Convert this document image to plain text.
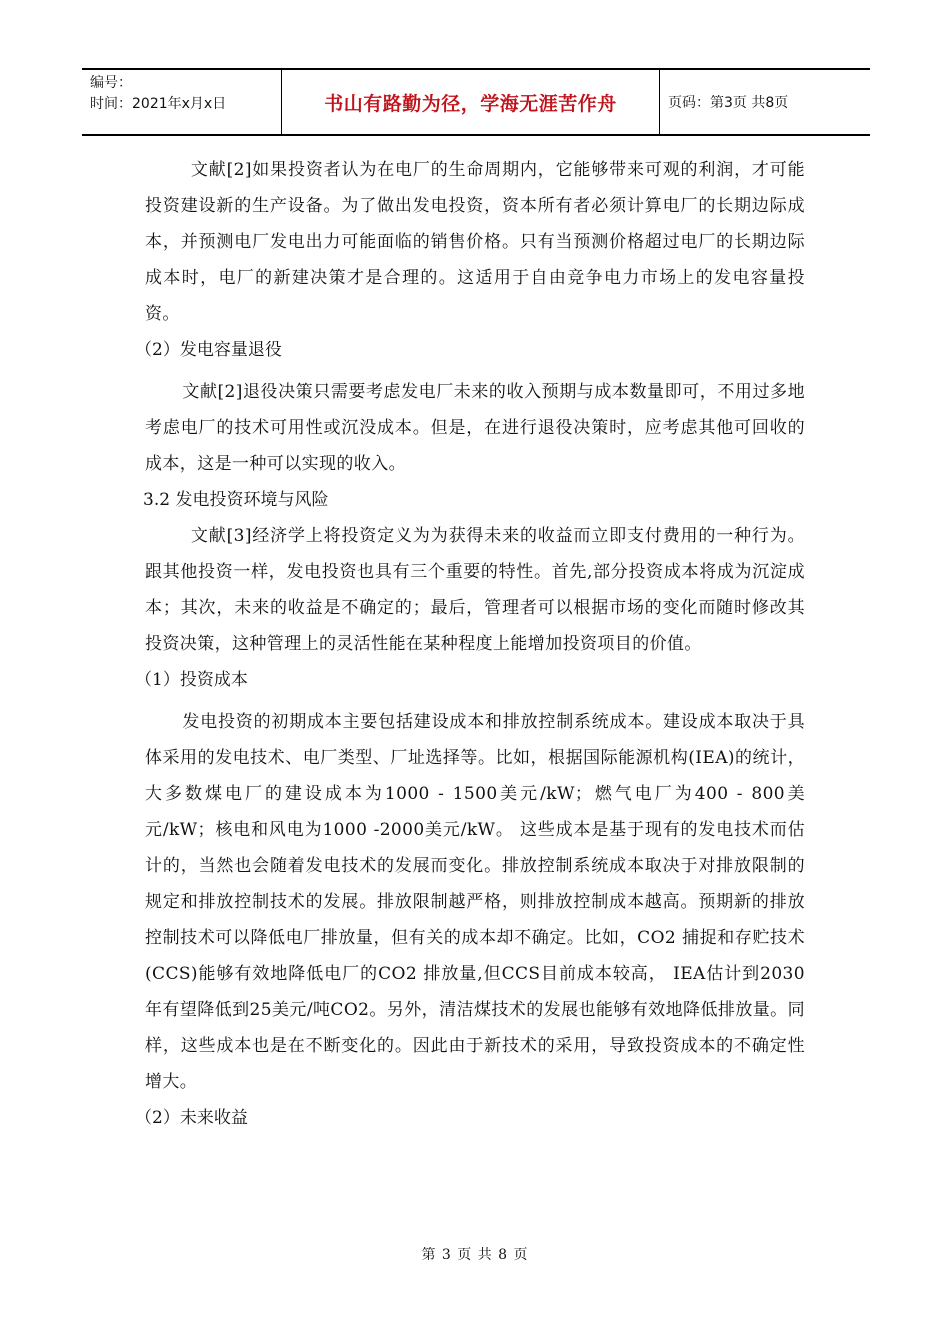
编号：
时间：2021年x月x日	书山有路勤为径，学海无涯苦作舟	页码：第3页 共8页

文献[2]如果投资者认为在电厂的生命周期内，它能够带来可观的利润，才可能投资建设新的生产设备。为了做出发电投资，资本所有者必须计算电厂的长期边际成本，并预测电厂发电出力可能面临的销售价格。只有当预测价格超过电厂的长期边际成本时，电厂的新建决策才是合理的。这适用于自由竞争电力市场上的发电容量投资。

（2）发电容量退役

文献[2]退役决策只需要考虑发电厂未来的收入预期与成本数量即可，不用过多地考虑电厂的技术可用性或沉没成本。但是，在进行退役决策时，应考虑其他可回收的成本，这是一种可以实现的收入。

3.2 发电投资环境与风险

文献[3]经济学上将投资定义为为获得未来的收益而立即支付费用的一种行为。跟其他投资一样，发电投资也具有三个重要的特性。首先,部分投资成本将成为沉淀成本；其次，未来的收益是不确定的；最后，管理者可以根据市场的变化而随时修改其投资决策，这种管理上的灵活性能在某种程度上能增加投资项目的价值。

（1）投资成本

发电投资的初期成本主要包括建设成本和排放控制系统成本。建设成本取决于具体采用的发电技术、电厂类型、厂址选择等。比如，根据国际能源机构(IEA)的统计，大多数煤电厂的建设成本为1000 - 1500美元/kW；燃气电厂为400 - 800美元/kW；核电和风电为1000 -2000美元/kW。 这些成本是基于现有的发电技术而估计的，当然也会随着发电技术的发展而变化。排放控制系统成本取决于对排放限制的规定和排放控制技术的发展。排放限制越严格，则排放控制成本越高。预期新的排放控制技术可以降低电厂排放量，但有关的成本却不确定。比如，CO2 捕捉和存贮技术(CCS)能够有效地降低电厂的CO2 排放量,但CCS目前成本较高， IEA估计到2030年有望降低到25美元/吨CO2。另外，清洁煤技术的发展也能够有效地降低排放量。同样，这些成本也是在不断变化的。因此由于新技术的采用，导致投资成本的不确定性增大。

（2）未来收益

第 3 页 共 8 页
